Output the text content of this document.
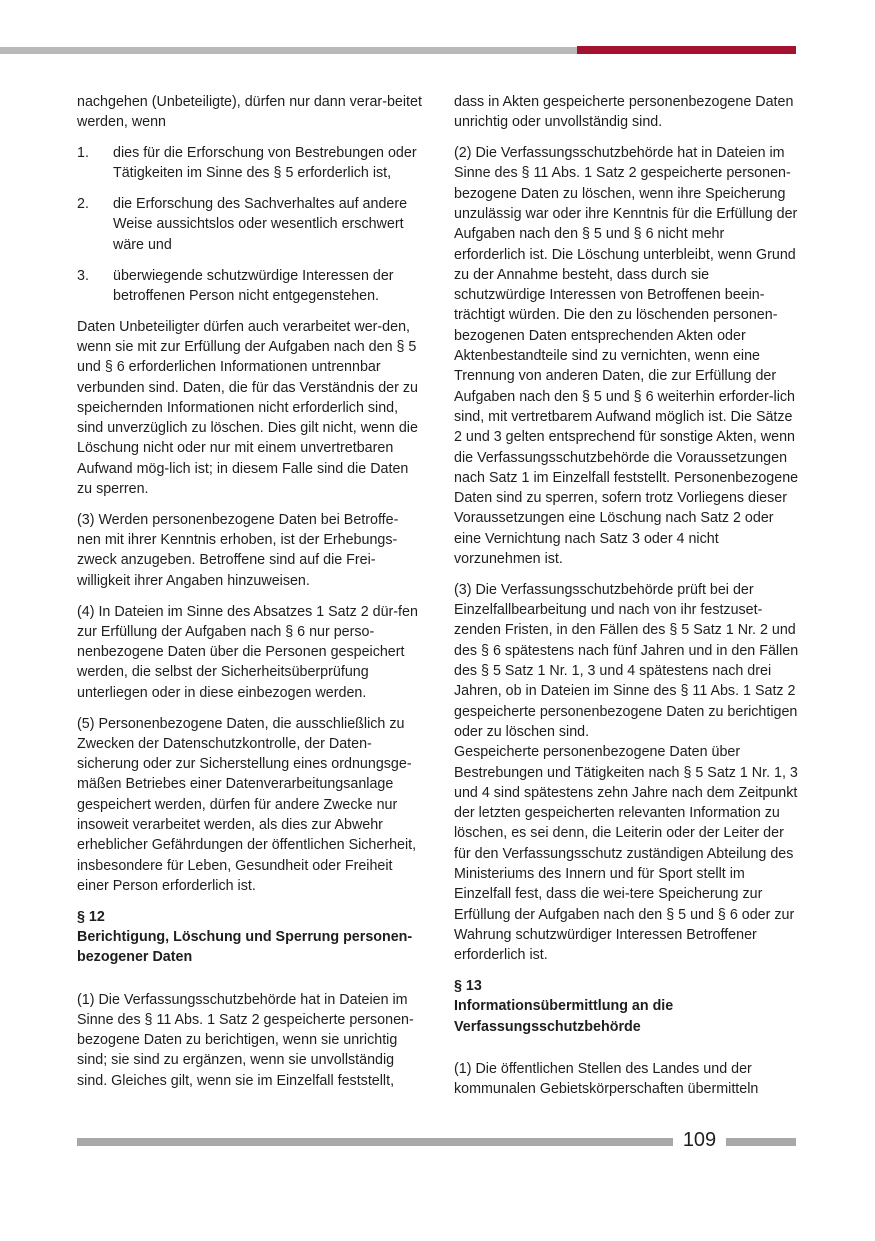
nachgehen (Unbeteiligte), dürfen nur dann verar-beitet werden, wenn

1.	dies für die Erforschung von Bestrebungen oder Tätigkeiten im Sinne des § 5 erforderlich ist,
2.	die Erforschung des Sachverhaltes auf andere Weise aussichtslos oder wesentlich erschwert wäre und
3.	überwiegende schutzwürdige Interessen der betroffenen Person nicht entgegenstehen.

Daten Unbeteiligter dürfen auch verarbeitet wer-den, wenn sie mit zur Erfüllung der Aufgaben nach den § 5 und § 6 erforderlichen Informationen untrennbar verbunden sind. Daten, die für das Verständnis der zu speichernden Informationen nicht erforderlich sind, sind unverzüglich zu löschen. Dies gilt nicht, wenn die Löschung nicht oder nur mit einem unvertretbaren Aufwand mög-lich ist; in diesem Falle sind die Daten zu sperren.

(3) Werden personenbezogene Daten bei Betroffe-nen mit ihrer Kenntnis erhoben, ist der Erhebungs-zweck anzugeben. Betroffene sind auf die Frei-willigkeit ihrer Angaben hinzuweisen.

(4) In Dateien im Sinne des Absatzes 1 Satz 2 dür-fen zur Erfüllung der Aufgaben nach § 6 nur perso-nenbezogene Daten über die Personen gespeichert werden, die selbst der Sicherheitsüberprüfung unterliegen oder in diese einbezogen werden.

(5) Personenbezogene Daten, die ausschließlich zu Zwecken der Datenschutzkontrolle, der Daten-sicherung oder zur Sicherstellung eines ordnungsge-mäßen Betriebes einer Datenverarbeitungsanlage gespeichert werden, dürfen für andere Zwecke nur insoweit verarbeitet werden, als dies zur Abwehr erheblicher Gefährdungen der öffentlichen Sicherheit, insbesondere für Leben, Gesundheit oder Freiheit einer Person erforderlich ist.

§ 12
Berichtigung, Löschung und Sperrung personen-bezogener Daten

(1) Die Verfassungsschutzbehörde hat in Dateien im Sinne des § 11 Abs. 1 Satz 2 gespeicherte personen-bezogene Daten zu berichtigen, wenn sie unrichtig sind; sie sind zu ergänzen, wenn sie unvollständig sind. Gleiches gilt, wenn sie im Einzelfall feststellt,

dass in Akten gespeicherte personenbezogene Daten unrichtig oder unvollständig sind.

(2) Die Verfassungsschutzbehörde hat in Dateien im Sinne des § 11 Abs. 1 Satz 2 gespeicherte personen-bezogene Daten zu löschen, wenn ihre Speicherung unzulässig war oder ihre Kenntnis für die Erfüllung der Aufgaben nach den § 5 und § 6 nicht mehr erforderlich ist. Die Löschung unterbleibt, wenn Grund zu der Annahme besteht, dass durch sie schutzwürdige Interessen von Betroffenen beein-trächtigt würden. Die den zu löschenden personen-bezogenen Daten entsprechenden Akten oder Aktenbestandteile sind zu vernichten, wenn eine Trennung von anderen Daten, die zur Erfüllung der Aufgaben nach den § 5 und § 6 weiterhin erforder-lich sind, mit vertretbarem Aufwand möglich ist. Die Sätze 2 und 3 gelten entsprechend für sonstige Akten, wenn die Verfassungsschutzbehörde die Voraussetzungen nach Satz 1 im Einzelfall feststellt. Personenbezogene Daten sind zu sperren, sofern trotz Vorliegens dieser Voraussetzungen eine Löschung nach Satz 2 oder eine Vernichtung nach Satz 3 oder 4 nicht vorzunehmen ist.

(3) Die Verfassungsschutzbehörde prüft bei der Einzelfallbearbeitung und nach von ihr festzuset-zenden Fristen, in den Fällen des § 5 Satz 1 Nr. 2 und des § 6 spätestens nach fünf Jahren und in den Fällen des § 5 Satz 1 Nr. 1, 3 und 4 spätestens nach drei Jahren, ob in Dateien im Sinne des § 11 Abs. 1 Satz 2 gespeicherte personenbezogene Daten zu berichtigen oder zu löschen sind.

Gespeicherte personenbezogene Daten über Bestrebungen und Tätigkeiten nach § 5 Satz 1 Nr. 1, 3 und 4 sind spätestens zehn Jahre nach dem Zeitpunkt der letzten gespeicherten relevanten Information zu löschen, es sei denn, die Leiterin oder der Leiter der für den Verfassungsschutz zuständigen Abteilung des Ministeriums des Innern und für Sport stellt im Einzelfall fest, dass die wei-tere Speicherung zur Erfüllung der Aufgaben nach den § 5 und § 6 oder zur Wahrung schutzwürdiger Interessen Betroffener erforderlich ist.

§ 13
Informationsübermittlung an die Verfassungsschutzbehörde

(1) Die öffentlichen Stellen des Landes und der kommunalen Gebietskörperschaften übermitteln

109
